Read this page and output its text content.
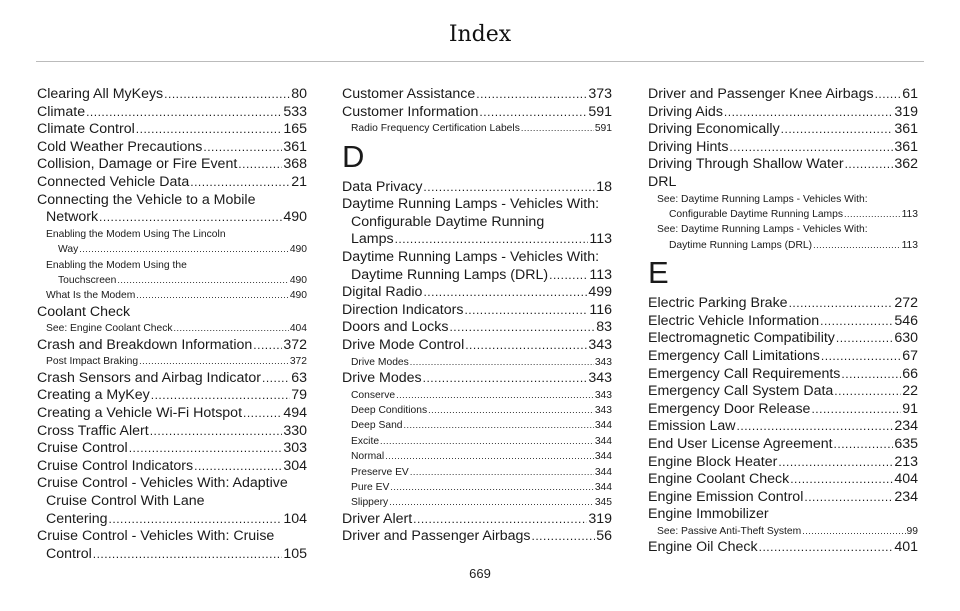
Index
Clearing All MyKeys .....	80
Climate .....	533
Climate Control .....	165
Cold Weather Precautions .....	361
Collision, Damage or Fire Event .....	368
Connected Vehicle Data .....	21
Connecting the Vehicle to a Mobile
Network .....	490
Enabling the Modem Using The Lincoln
Way .....	490
Enabling the Modem Using the
Touchscreen .....	490
What Is the Modem .....	490
Coolant Check
See: Engine Coolant Check .....	404
Crash and Breakdown Information ..... 372
Post Impact Braking .....	372
Crash Sensors and Airbag Indicator ..... 63
Creating a MyKey .....	79
Creating a Vehicle Wi-Fi Hotspot .....	494
Cross Traffic Alert .....	330
Cruise Control .....	303
Cruise Control Indicators .....	304
Cruise Control - Vehicles With: Adaptive
Cruise Control With Lane
Centering .....	104
Cruise Control - Vehicles With: Cruise
Control .....	105
Customer Assistance .....	373
Customer Information .....	591
Radio Frequency Certification Labels .....	591
D
Data Privacy .....	18
Daytime Running Lamps - Vehicles With:
Configurable Daytime Running
Lamps .....	113
Daytime Running Lamps - Vehicles With:
Daytime Running Lamps (DRL) .....	113
Digital Radio .....	499
Direction Indicators .....	116
Doors and Locks .....	83
Drive Mode Control .....	343
Drive Modes .....	343
Drive Modes .....	343
Conserve .....	343
Deep Conditions .....	343
Deep Sand .....	344
Excite .....	344
Normal .....	344
Preserve EV .....	344
Pure EV .....	344
Slippery .....	345
Driver Alert .....	319
Driver and Passenger Airbags .....	56
Driver and Passenger Knee Airbags ..... 61
Driving Aids .....	319
Driving Economically .....	361
Driving Hints .....	361
Driving Through Shallow Water .....	362
DRL
See: Daytime Running Lamps - Vehicles With:
Configurable Daytime Running Lamps .....	113
See: Daytime Running Lamps - Vehicles With:
Daytime Running Lamps (DRL) .....	113
E
Electric Parking Brake .....	272
Electric Vehicle Information .....	546
Electromagnetic Compatibility .....	630
Emergency Call Limitations .....	67
Emergency Call Requirements .....	66
Emergency Call System Data .....	22
Emergency Door Release .....	91
Emission Law .....	234
End User License Agreement .....	635
Engine Block Heater .....	213
Engine Coolant Check .....	404
Engine Emission Control .....	234
Engine Immobilizer
See: Passive Anti-Theft System .....	99
Engine Oil Check .....	401
669
